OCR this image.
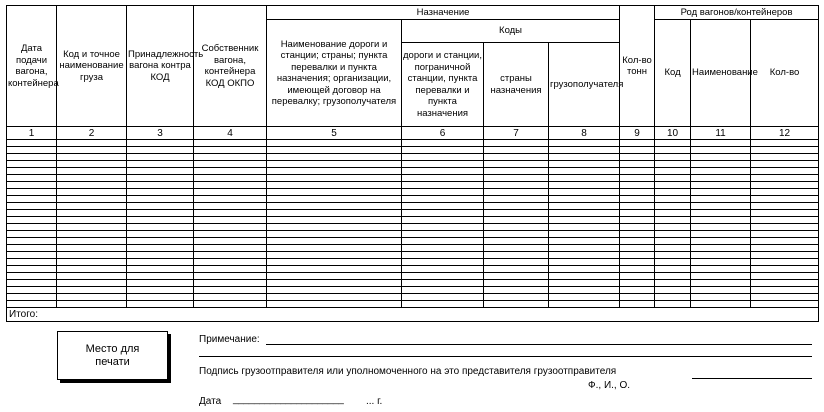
Дата подачи вагона, контейнера	Код и точное наименование груза	Принадлежность вагона контра КОД	Собственник вагона, контейнера КОД ОКПО	Назначение				Кол-во тонн	Род вагонов/контейнеров		
				Наименование дороги и станции; страны; пункта перевалки и пункта назначения; организации, имеющей договор на перевалку; грузополучателя	Коды				Код	Наименование	Кол-во
					дороги и станции, пограничной станции, пункта перевалки и пункта назначения	страны назначения	грузополучателя				
1	2	3	4	5	6	7	8	9	10	11	12

Итого:											
Место для
печати
Примечание:
Подпись грузоотправителя или уполномоченного на это представителя грузоотправителя
Ф., И., О.
Дата _____________________ ... г.
